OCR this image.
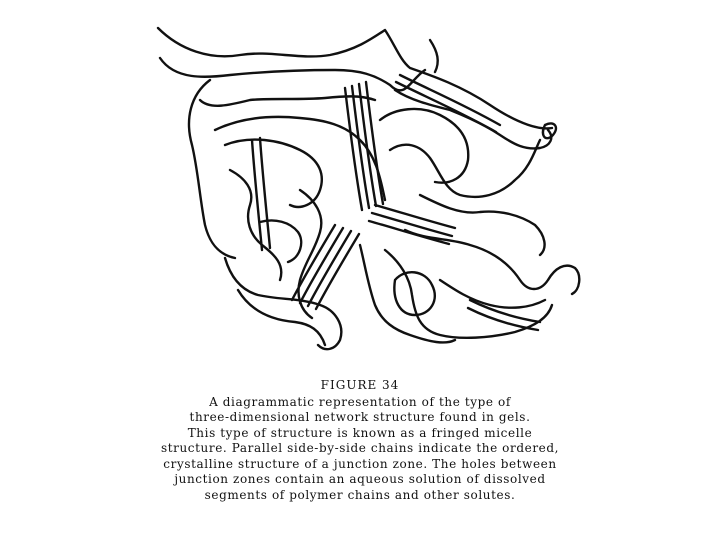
FIGURE 34
A diagrammatic representation of the type of
three-dimensional network structure found in gels.
This type of structure is known as a fringed micelle
structure. Parallel side-by-side chains indicate the ordered,
crystalline structure of a junction zone. The holes between
junction zones contain an aqueous solution of dissolved
segments of polymer chains and other solutes.
